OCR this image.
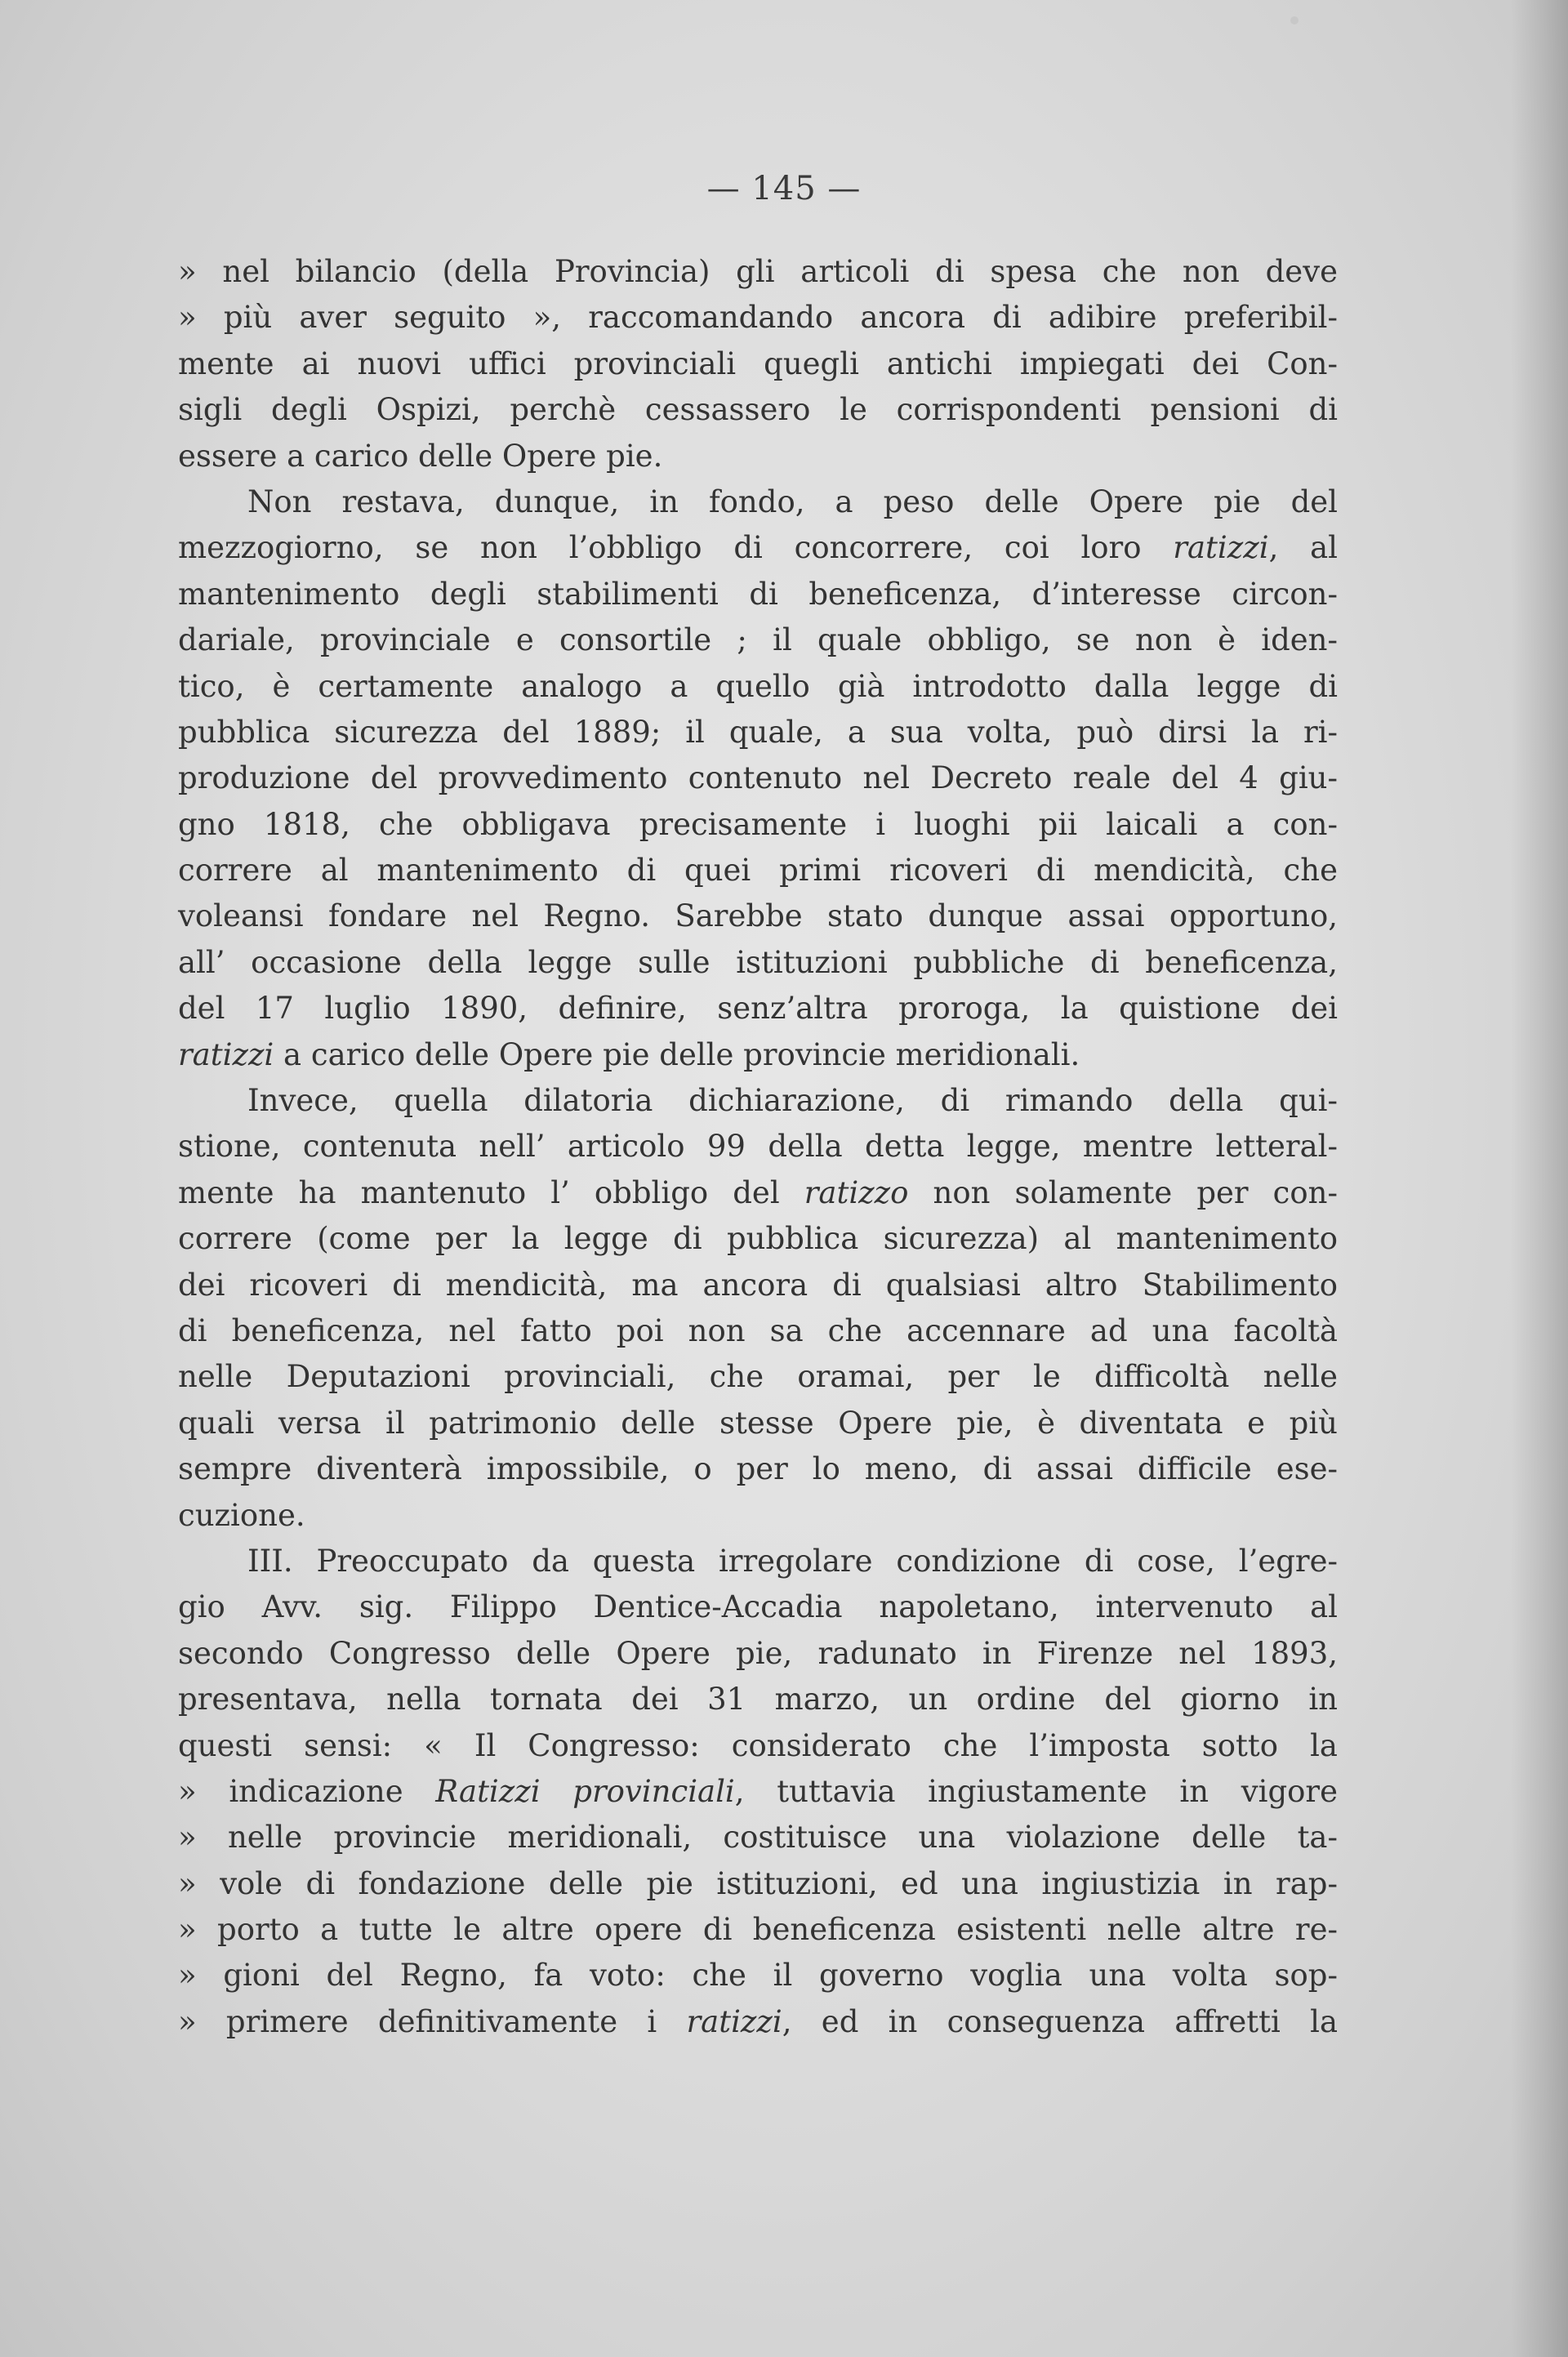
— 145 —
» nel bilancio (della Provincia) gli articoli di spesa che non deve
» più aver seguito », raccomandando ancora di adibire preferibil-
mente ai nuovi uffici provinciali quegli antichi impiegati dei Con-
sigli degli Ospizi, perchè cessassero le corrispondenti pensioni di
essere a carico delle Opere pie.
Non restava, dunque, in fondo, a peso delle Opere pie del
mezzogiorno, se non l’obbligo di concorrere, coi loro ratizzi, al
mantenimento degli stabilimenti di beneficenza, d’interesse circon-
dariale, provinciale e consortile ; il quale obbligo, se non è iden-
tico, è certamente analogo a quello già introdotto dalla legge di
pubblica sicurezza del 1889; il quale, a sua volta, può dirsi la ri-
produzione del provvedimento contenuto nel Decreto reale del 4 giu-
gno 1818, che obbligava precisamente i luoghi pii laicali a con-
correre al mantenimento di quei primi ricoveri di mendicità, che
voleansi fondare nel Regno. Sarebbe stato dunque assai opportuno,
all’ occasione della legge sulle istituzioni pubbliche di beneficenza,
del 17 luglio 1890, definire, senz’altra proroga, la quistione dei
ratizzi a carico delle Opere pie delle provincie meridionali.
Invece, quella dilatoria dichiarazione, di rimando della qui-
stione, contenuta nell’ articolo 99 della detta legge, mentre letteral-
mente ha mantenuto l’ obbligo del ratizzo non solamente per con-
correre (come per la legge di pubblica sicurezza) al mantenimento
dei ricoveri di mendicità, ma ancora di qualsiasi altro Stabilimento
di beneficenza, nel fatto poi non sa che accennare ad una facoltà
nelle Deputazioni provinciali, che oramai, per le difficoltà nelle
quali versa il patrimonio delle stesse Opere pie, è diventata e più
sempre diventerà impossibile, o per lo meno, di assai difficile ese-
cuzione.
III. Preoccupato da questa irregolare condizione di cose, l’egre-
gio Avv. sig. Filippo Dentice-Accadia napoletano, intervenuto al
secondo Congresso delle Opere pie, radunato in Firenze nel 1893,
presentava, nella tornata dei 31 marzo, un ordine del giorno in
questi sensi: « Il Congresso: considerato che l’imposta sotto la
» indicazione Ratizzi provinciali, tuttavia ingiustamente in vigore
» nelle provincie meridionali, costituisce una violazione delle ta-
» vole di fondazione delle pie istituzioni, ed una ingiustizia in rap-
» porto a tutte le altre opere di beneficenza esistenti nelle altre re-
» gioni del Regno, fa voto: che il governo voglia una volta sop-
» primere definitivamente i ratizzi, ed in conseguenza affretti la
